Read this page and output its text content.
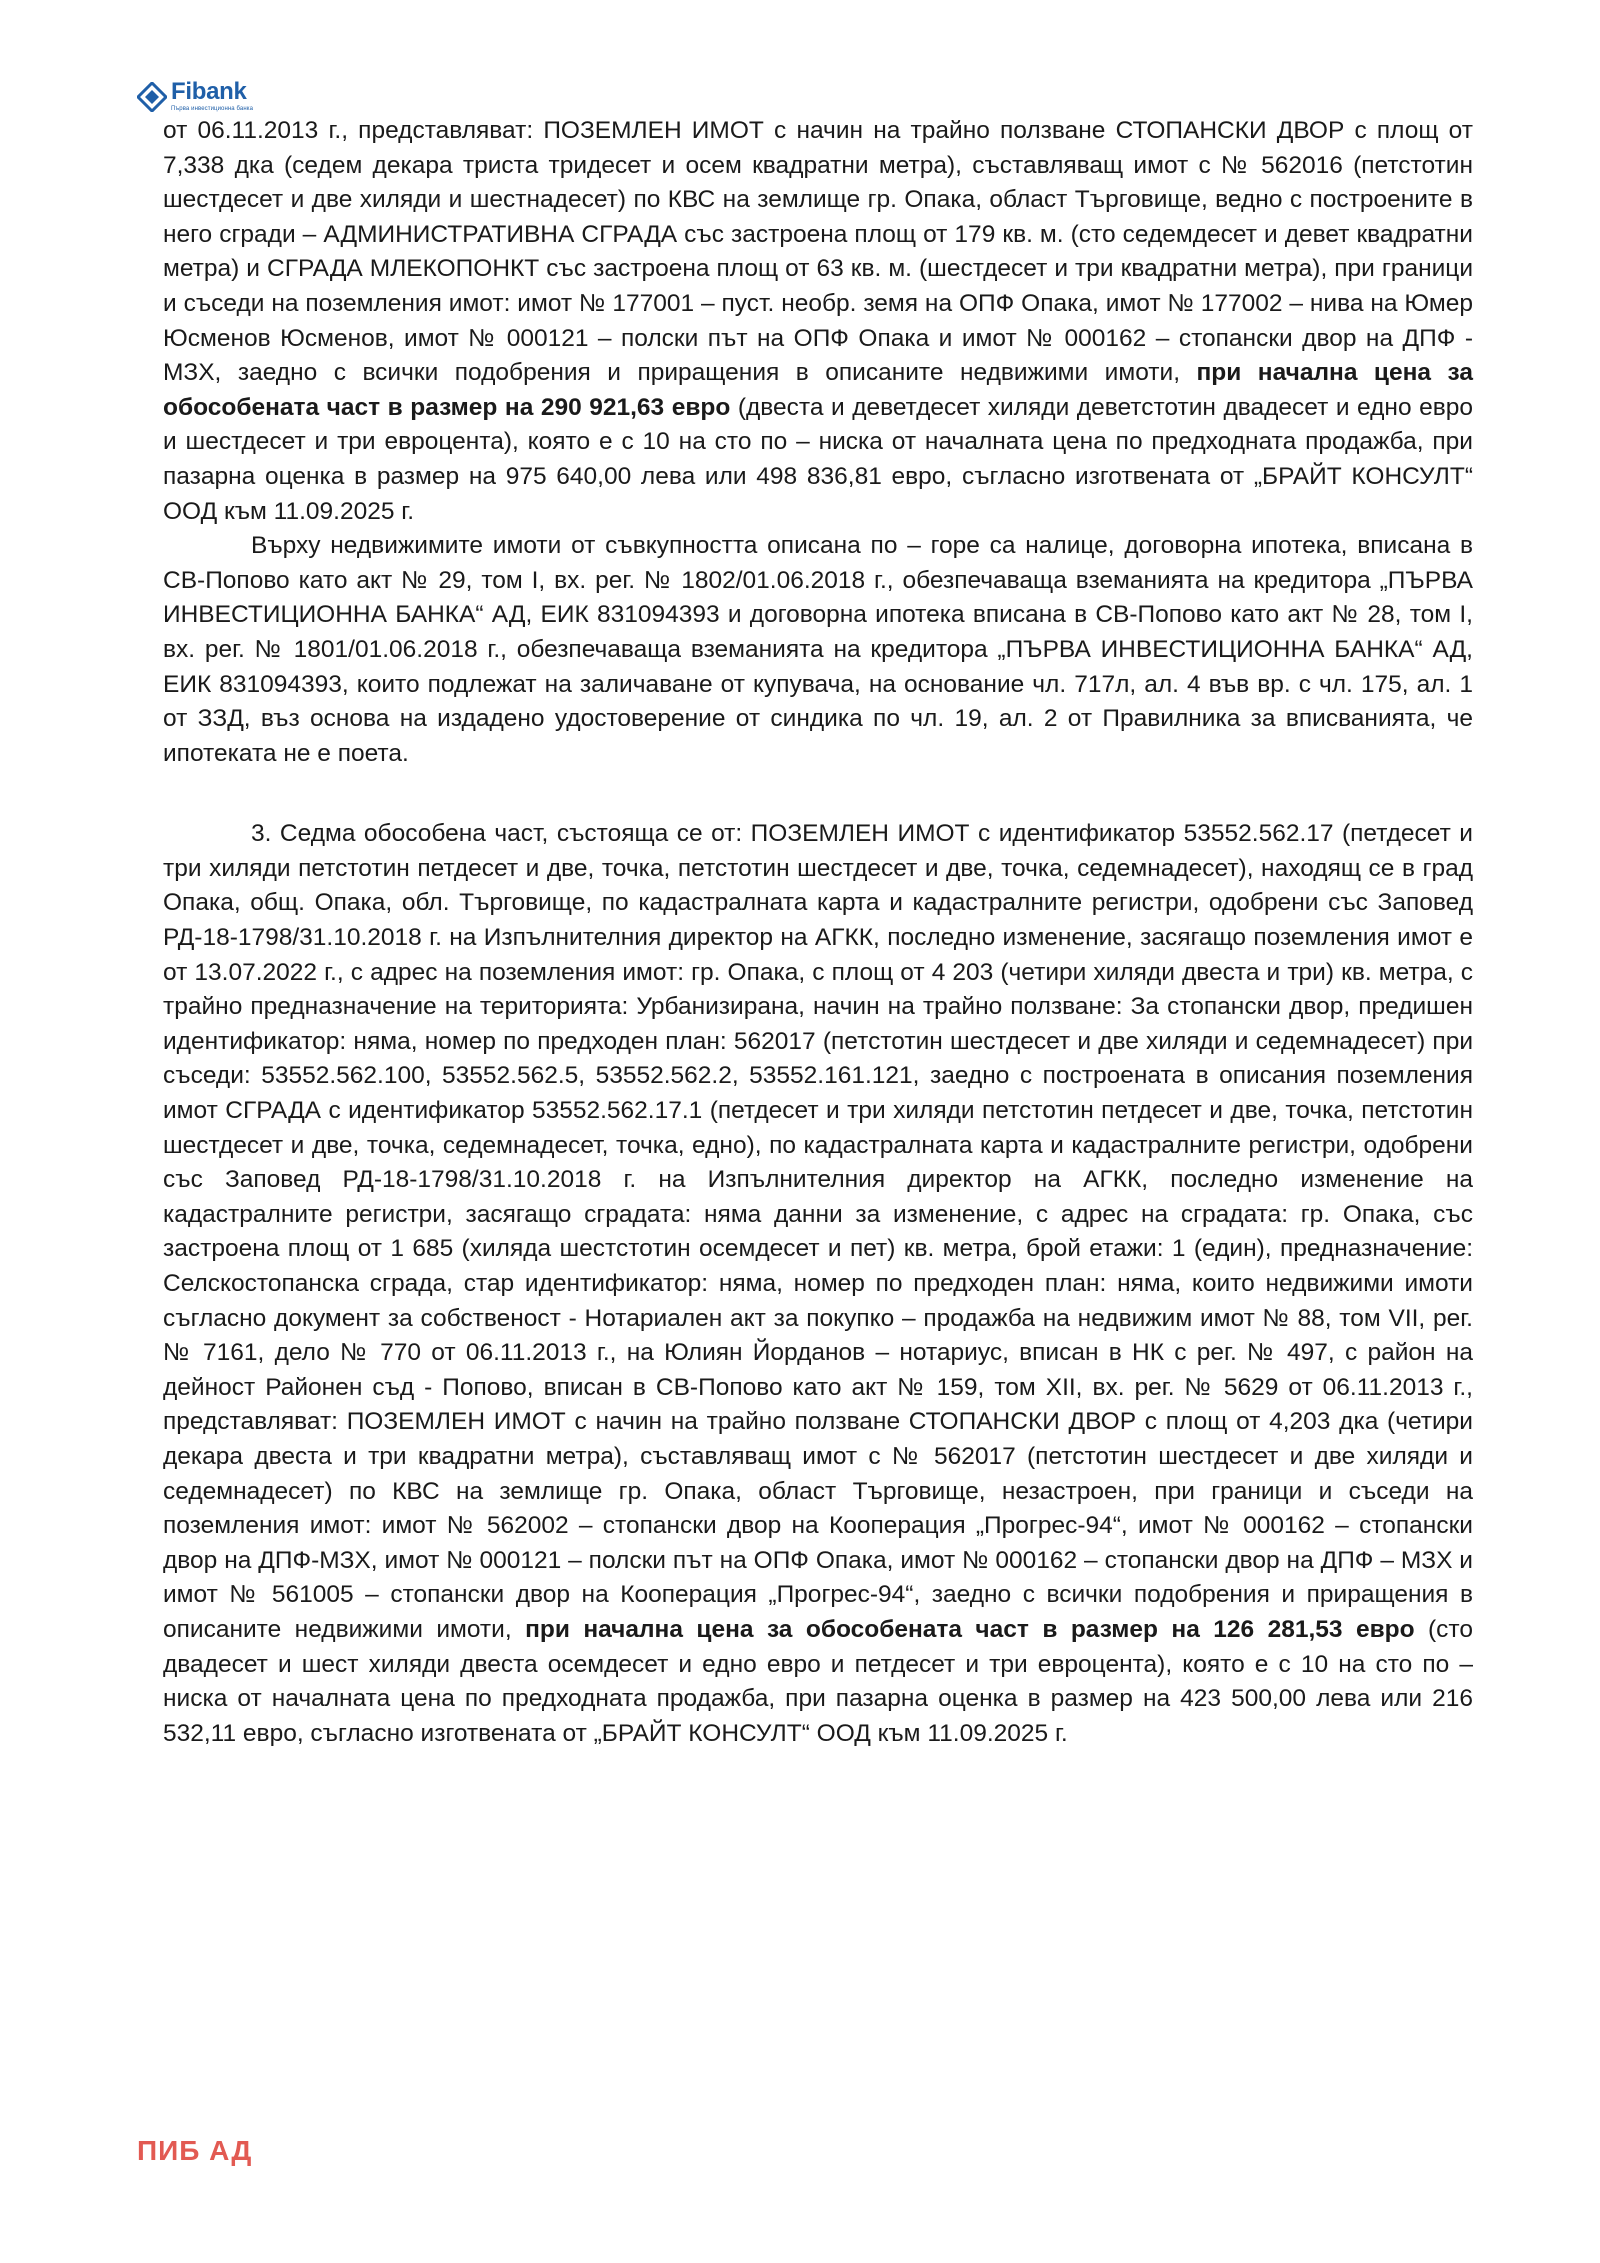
Fibank
Първа инвестиционна банка

от 06.11.2013 г., представляват: ПОЗЕМЛЕН ИМОТ с начин на трайно ползване СТОПАНСКИ ДВОР с площ от 7,338 дка (седем декара триста тридесет и осем квадратни метра), съставляващ имот с № 562016 (петстотин шестдесет и две хиляди и шестнадесет) по КВС на землище гр. Опака, област Търговище, ведно с построените в него сгради – АДМИНИСТРАТИВНА СГРАДА със застроена площ от 179 кв. м. (сто седемдесет и девет квадратни метра) и СГРАДА МЛЕКОПОНКТ със застроена площ от 63 кв. м. (шестдесет и три квадратни метра), при граници и съседи на поземления имот: имот № 177001 – пуст. необр. земя на ОПФ Опака, имот № 177002 – нива на Юмер Юсменов Юсменов, имот № 000121 – полски път на ОПФ Опака и имот № 000162 – стопански двор на ДПФ - МЗХ, заедно с всички подобрения и приращения в описаните недвижими имоти, при начална цена за обособената част в размер на 290 921,63 евро (двеста и деветдесет хиляди деветстотин двадесет и едно евро и шестдесет и три евроцента), която е с 10 на сто по – ниска от началната цена по предходната продажба, при пазарна оценка в размер на 975 640,00 лева или 498 836,81 евро, съгласно изготвената от „БРАЙТ КОНСУЛТ“ ООД към 11.09.2025 г.

Върху недвижимите имоти от съвкупността описана по – горе са налице, договорна ипотека, вписана в СВ-Попово като акт № 29, том I, вх. рег. № 1802/01.06.2018 г., обезпечаваща вземанията на кредитора „ПЪРВА ИНВЕСТИЦИОННА БАНКА“ АД, ЕИК 831094393 и договорна ипотека вписана в СВ-Попово като акт № 28, том I, вх. рег. № 1801/01.06.2018 г., обезпечаваща вземанията на кредитора „ПЪРВА ИНВЕСТИЦИОННА БАНКА“ АД, ЕИК 831094393, които подлежат на заличаване от купувача, на основание чл. 717л, ал. 4 във вр. с чл. 175, ал. 1 от ЗЗД, въз основа на издадено удостоверение от синдика по чл. 19, ал. 2 от Правилника за вписванията, че ипотеката не е поета.

3. Седма обособена част, състояща се от: ПОЗЕМЛЕН ИМОТ с идентификатор 53552.562.17 (петдесет и три хиляди петстотин петдесет и две, точка, петстотин шестдесет и две, точка, седемнадесет), находящ се в град Опака, общ. Опака, обл. Търговище, по кадастралната карта и кадастралните регистри, одобрени със Заповед РД-18-1798/31.10.2018 г. на Изпълнителния директор на АГКК, последно изменение, засягащо поземления имот е от 13.07.2022 г., с адрес на поземления имот: гр. Опака, с площ от 4 203 (четири хиляди двеста и три) кв. метра, с трайно предназначение на територията: Урбанизирана, начин на трайно ползване: За стопански двор, предишен идентификатор: няма, номер по предходен план: 562017 (петстотин шестдесет и две хиляди и седемнадесет) при съседи: 53552.562.100, 53552.562.5, 53552.562.2, 53552.161.121, заедно с построената в описания поземления имот СГРАДА с идентификатор 53552.562.17.1 (петдесет и три хиляди петстотин петдесет и две, точка, петстотин шестдесет и две, точка, седемнадесет, точка, едно), по кадастралната карта и кадастралните регистри, одобрени със Заповед РД-18-1798/31.10.2018 г. на Изпълнителния директор на АГКК, последно изменение на кадастралните регистри, засягащо сградата: няма данни за изменение, с адрес на сградата: гр. Опака, със застроена площ от 1 685 (хиляда шестстотин осемдесет и пет) кв. метра, брой етажи: 1 (един), предназначение: Селскостопанска сграда, стар идентификатор: няма, номер по предходен план: няма, които недвижими имоти съгласно документ за собственост - Нотариален акт за покупко – продажба на недвижим имот № 88, том VII, рег. № 7161, дело № 770 от 06.11.2013 г., на Юлиян Йорданов – нотариус, вписан в НК с рег. № 497, с район на дейност Районен съд - Попово, вписан в СВ-Попово като акт № 159, том XII, вх. рег. № 5629 от 06.11.2013 г., представляват: ПОЗЕМЛЕН ИМОТ с начин на трайно ползване СТОПАНСКИ ДВОР с площ от 4,203 дка (четири декара двеста и три квадратни метра), съставляващ имот с № 562017 (петстотин шестдесет и две хиляди и седемнадесет) по КВС на землище гр. Опака, област Търговище, незастроен, при граници и съседи на поземления имот: имот № 562002 – стопански двор на Кооперация „Прогрес-94“, имот № 000162 – стопански двор на ДПФ-МЗХ, имот № 000121 – полски път на ОПФ Опака, имот № 000162 – стопански двор на ДПФ – МЗХ и имот № 561005 – стопански двор на Кооперация „Прогрес-94“, заедно с всички подобрения и приращения в описаните недвижими имоти, при начална цена за обособената част в размер на 126 281,53 евро (сто двадесет и шест хиляди двеста осемдесет и едно евро и петдесет и три евроцента), която е с 10 на сто по – ниска от началната цена по предходната продажба, при пазарна оценка в размер на 423 500,00 лева или 216 532,11 евро, съгласно изготвената от „БРАЙТ КОНСУЛТ“ ООД към 11.09.2025 г.

ПИБ АД
